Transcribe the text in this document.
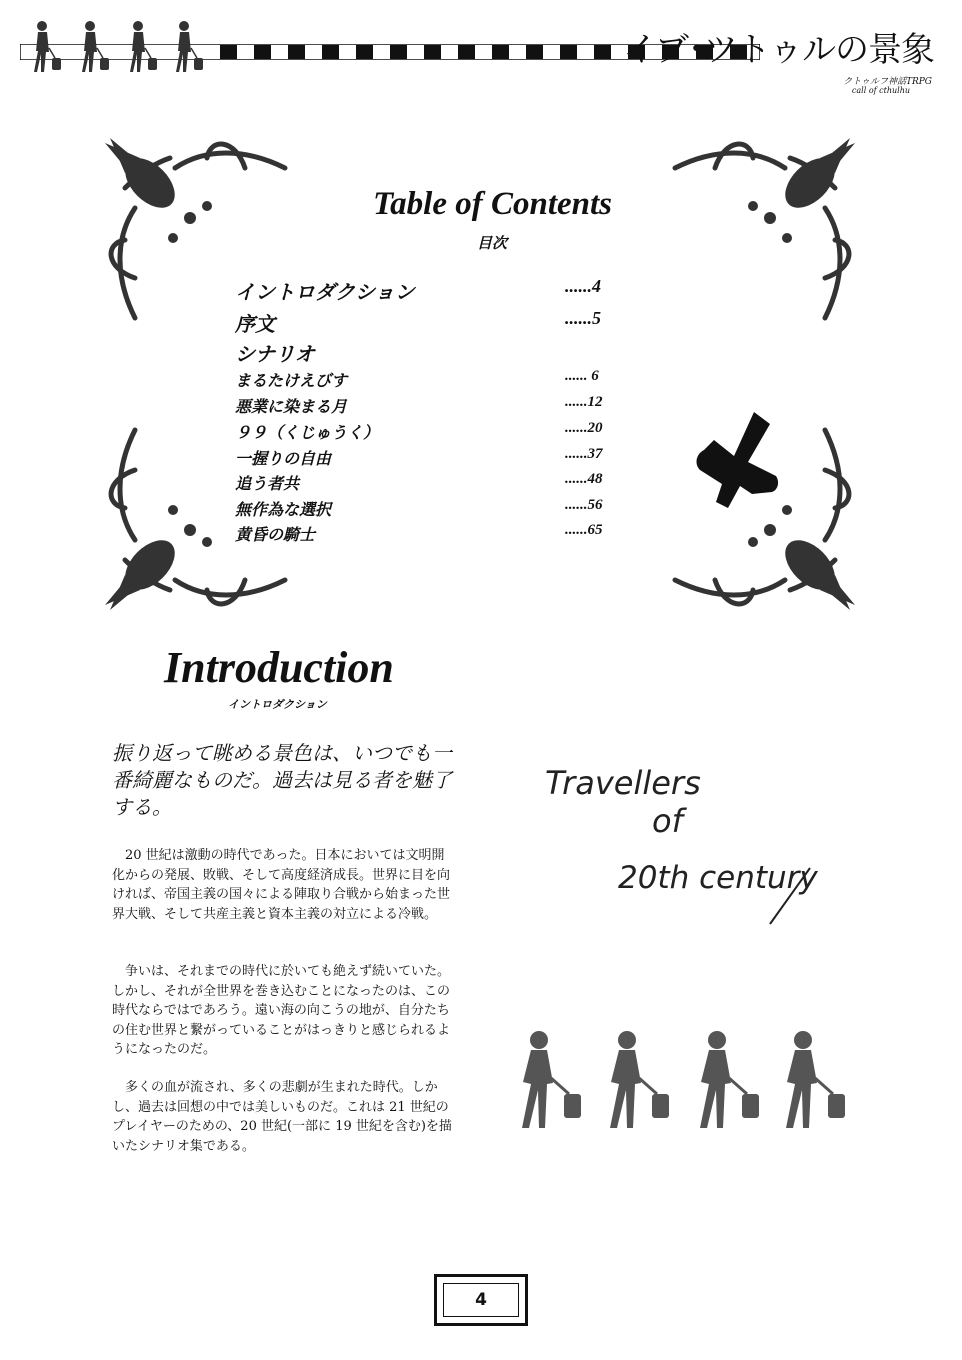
イブ･ツトゥルの景象
クトゥルフ神話TRPG
call of cthulhu
Table of Contents
目次
イントロダクション	......4
序文	......5
シナリオ
まるたけえびす	...... 6
悪業に染まる月	......12
９９（くじゅうく）	......20
一握りの自由	......37
追う者共	......48
無作為な選択	......56
黄昏の騎士	......65
Introduction
イントロダクション
振り返って眺める景色は、いつでも一番綺麗なものだ。過去は見る者を魅了する。
20 世紀は激動の時代であった。日本においては文明開化からの発展、敗戦、そして高度経済成長。世界に目を向ければ、帝国主義の国々による陣取り合戦から始まった世界大戦、そして共産主義と資本主義の対立による冷戦。
争いは、それまでの時代に於いても絶えず続いていた。しかし、それが全世界を巻き込むことになったのは、この時代ならではであろう。遠い海の向こうの地が、自分たちの住む世界と繋がっていることがはっきりと感じられるようになったのだ。
多くの血が流され、多くの悲劇が生まれた時代。しかし、過去は回想の中では美しいものだ。これは 21 世紀のプレイヤーのための、20 世紀(一部に 19 世紀を含む)を描いたシナリオ集である。
Travellers
of
20th century
4
